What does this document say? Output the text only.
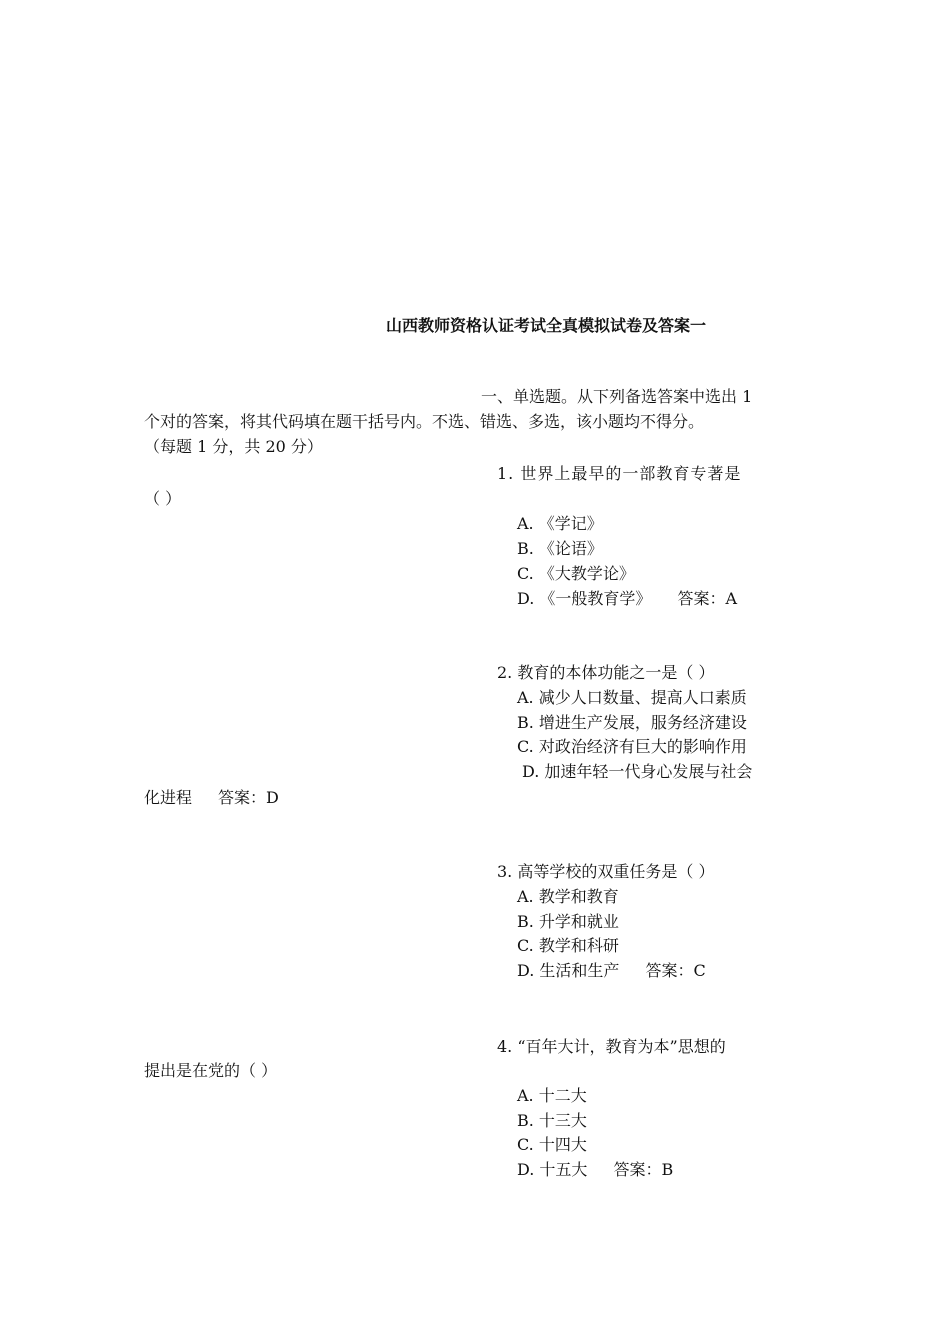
山西教师资格认证考试全真模拟试卷及答案一
一、单选题。从下列备选答案中选出 1
个对的答案，将其代码填在题干括号内。不选、错选、多选，该小题均不得分。
（每题 1 分，共 20 分）
1. 世界上最早的一部教育专著是
（ ）
A. 《学记》
B. 《论语》
C. 《大教学论》
D. 《一般教育学》 答案：A
2. 教育的本体功能之一是（ ）
A. 减少人口数量、提高人口素质
B. 增进生产发展，服务经济建设
C. 对政治经济有巨大的影响作用
D. 加速年轻一代身心发展与社会
化进程 答案：D
3. 高等学校的双重任务是（ ）
A. 教学和教育
B. 升学和就业
C. 教学和科研
D. 生活和生产 答案：C
4. “百年大计，教育为本”思想的
提出是在党的（ ）
A. 十二大
B. 十三大
C. 十四大
D. 十五大 答案：B
